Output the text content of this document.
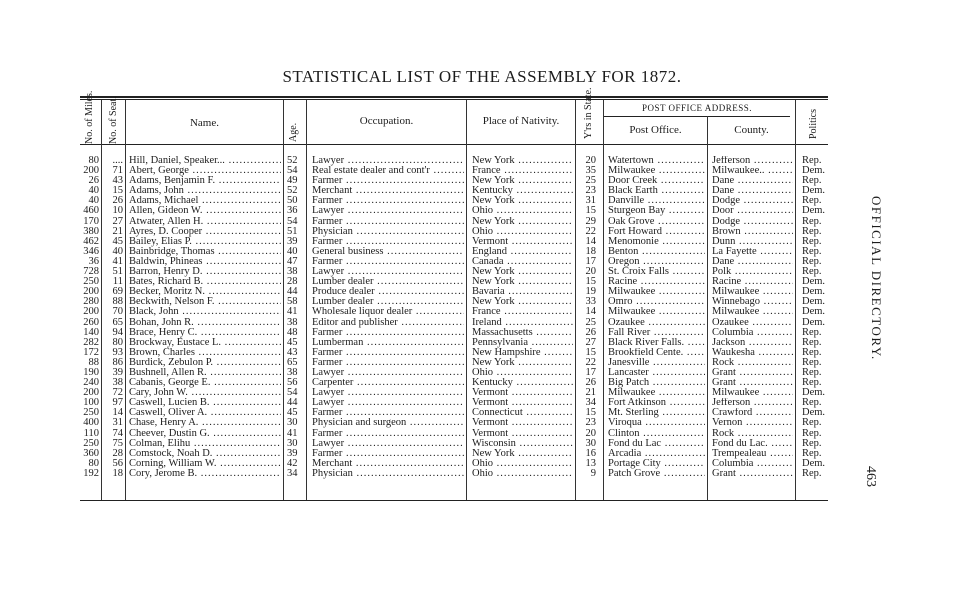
STATISTICAL LIST OF THE ASSEMBLY FOR 1872.
No. of Miles. No. of Seat.	Name.	Age.
Occupation.	Place of Nativity.	Y'rs in State.	POST OFFICE ADDRESS.
Post Office.	County.	Politics
80	.... Hill, Daniel, Speaker... .....	52	Lawyer .....	New York .....	20 Watertown .....	Jefferson .....	Rep.
200	71 Abert, George .....	54	Real estate dealer and cont'r .....	France .....	35 Milwaukee .....	Milwaukee.. .....	Dem.
26	43 Adams, Benjamin F. .....	49	Farmer .....	New York .....	25 Door Creek .....	Dane .....	Rep.
40	15 Adams, John .....	52	Merchant .....	Kentucky .....	23 Black Earth .....	Dane .....	Dem.
40	26 Adams, Michael .....	50	Farmer .....	New York .....	31 Danville .....	Dodge .....	Rep.
460	10 Allen, Gideon W. .....	36	Lawyer .....	Ohio .....	15 Sturgeon Bay .....	Door .....	Dem.
170	27 Atwater, Allen H. .....	54	Farmer .....	New York .....	29 Oak Grove .....	Dodge .....	Rep.
380	21 Ayres, D. Cooper .....	51	Physician .....	Ohio .....	22 Fort Howard .....	Brown .....	Rep.
462	45 Bailey, Elias P. .....	39	Farmer .....	Vermont .....	14 Menomonie .....	Dunn .....	Rep.
346	40 Bainbridge, Thomas .....	40	General business .....	England .....	18 Benton .....	La Fayette .....	Rep.
36	41 Baldwin, Phineas .....	47	Farmer .....	Canada .....	17 Oregon .....	Dane .....	Rep.
728	51 Barron, Henry D. .....	38	Lawyer .....	New York .....	20 St. Croix Falls .....	Polk .....	Rep.
250	11 Bates, Richard B. .....	28	Lumber dealer .....	New York .....	15 Racine .....	Racine .....	Dem.
200	69 Becker, Moritz N. .....	44	Produce dealer .....	Bavaria .....	19 Milwaukee .....	Milwaukee .....	Dem.
280	88 Beckwith, Nelson F. .....	58	Lumber dealer .....	New York .....	33 Omro .....	Winnebago .....	Dem.
200	70 Black, John .....	41	Wholesale liquor dealer .....	France .....	14 Milwaukee .....	Milwaukee .....	Dem.
260	65 Bohan, John R. .....	38	Editor and publisher .....	Ireland .....	25 Ozaukee .....	Ozaukee .....	Dem.
140	94 Brace, Henry C. .....	48	Farmer .....	Massachusetts .....	26 Fall River .....	Columbia .....	Rep.
282	80 Brockway, Eustace L. .....	45	Lumberman .....	Pennsylvania .....	27 Black River Falls. .....	Jackson .....	Rep.
172	93 Brown, Charles .....	43	Farmer .....	New Hampshire .....	15 Brookfield Cente. .....	Waukesha .....	Rep.
88	86 Burdick, Zebulon P. .....	65	Farmer .....	New York .....	22 Janesville .....	Rock .....	Rep.
190	39 Bushnell, Allen R. .....	38	Lawyer .....	Ohio .....	17 Lancaster .....	Grant .....	Rep.
240	38 Cabanis, George E. .....	56	Carpenter .....	Kentucky .....	26 Big Patch .....	Grant .....	Rep.
200	72 Cary, John W. .....	54	Lawyer .....	Vermont .....	21 Milwaukee .....	Milwaukee .....	Dem.
100	97 Caswell, Lucien B. .....	44	Lawyer .....	Vermont .....	34 Fort Atkinson .....	Jefferson .....	Rep.
250	14 Caswell, Oliver A. .....	45	Farmer .....	Connecticut .....	15 Mt. Sterling .....	Crawford .....	Dem.
400	31 Chase, Henry A. .....	30	Physician and surgeon .....	Vermont .....	23 Viroqua .....	Vernon .....	Rep.
110	74 Cheever, Dustin G. .....	41	Farmer .....	Vermont .....	20 Clinton .....	Rock .....	Rep.
250	75 Colman, Elihu .....	30	Lawyer .....	Wisconsin .....	30 Fond du Lac .....	Fond du Lac. .....	Rep.
360	28 Comstock, Noah D. .....	39	Farmer .....	New York .....	16 Arcadia .....	Trempealeau .....	Rep.
80	56 Corning, William W. .....	42	Merchant .....	Ohio .....	13 Portage City .....	Columbia .....	Dem.
192	18 Cory, Jerome B. .....	34	Physician .....	Ohio .....	9 Patch Grove .....	Grant .....	Rep.
OFFICIAL DIRECTORY.
463
